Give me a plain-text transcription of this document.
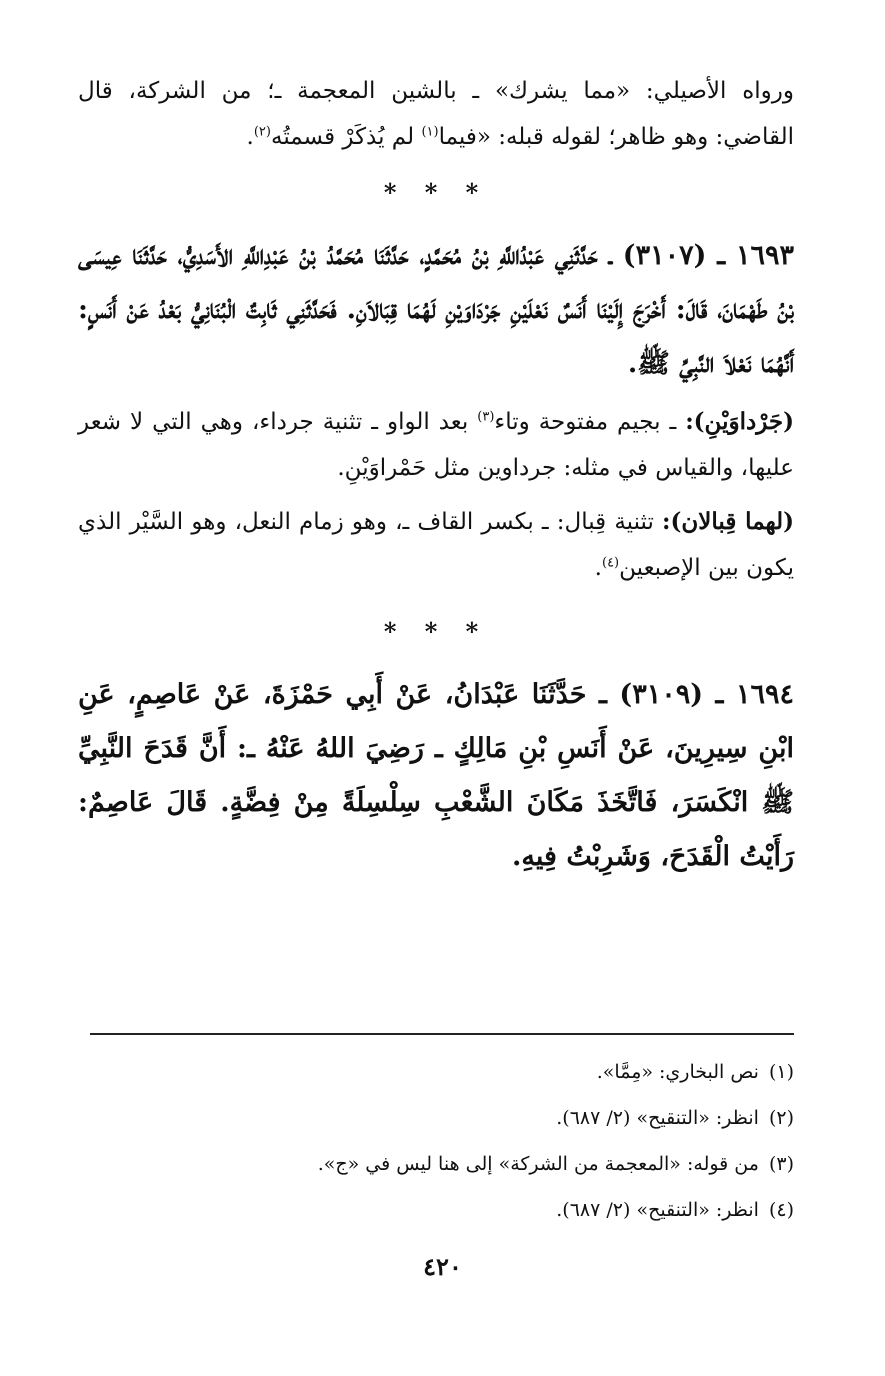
ورواه الأصيلي: «مما يشرك» ـ بالشين المعجمة ـ؛ من الشركة، قال القاضي: وهو ظاهر؛ لقوله قبله: «فيما$^{(١)}$ لم يُذكَرْ قسمتُه$^{(٢)}$.

* * *

١٦٩٣ ـ (٣١٠٧) ـ حَدَّثَنِي عَبْدُاللَّهِ بْنُ مُحَمَّدٍ، حَدَّثَنَا مُحَمَّدُ بْنُ عَبْدِاللَّهِ الأَسَدِيُّ، حَدَّثَنَا عِيسَى بْنُ طَهْمَانَ، قَالَ: أَخْرَجَ إِلَيْنَا أَنَسٌ نَعْلَيْنِ جَرْدَاوَيْنِ لَهُمَا قِبَالاَنِ. فَحَدَّثَنِي ثَابِتٌ الْبُنَانِيُّ بَعْدُ عَنْ أَنَسٍ: أَنَّهُمَا نَعْلاَ النَّبِيِّ ﷺ.

(جَرْداوَيْنِ): ـ بجيم مفتوحة وتاء$^{(٣)}$ بعد الواو ـ تثنية جرداء، وهي التي لا شعر عليها، والقياس في مثله: جرداوين مثل حَمْراوَيْنِ.

(لهما قِبالان): تثنية قِبال: ـ بكسر القاف ـ، وهو زمام النعل، وهو السَّيْر الذي يكون بين الإصبعين$^{(٤)}$.

* * *

١٦٩٤ ـ (٣١٠٩) ـ حَدَّثَنَا عَبْدَانُ، عَنْ أَبِي حَمْزَةَ، عَنْ عَاصِمٍ، عَنِ ابْنِ سِيرِينَ، عَنْ أَنَسِ بْنِ مَالِكٍ ـ رَضِيَ اللهُ عَنْهُ ـ: أَنَّ قَدَحَ النَّبِيِّ ﷺ انْكَسَرَ، فَاتَّخَذَ مَكَانَ الشَّعْبِ سِلْسِلَةً مِنْ فِضَّةٍ. قَالَ عَاصِمٌ: رَأَيْتُ الْقَدَحَ، وَشَرِبْتُ فِيهِ.

(١)نص البخاري: «مِمَّا».

(٢)انظر: «التنقيح» (٢/ ٦٨٧).

(٣)من قوله: «المعجمة من الشركة» إلى هنا ليس في «ج».

(٤)انظر: «التنقيح» (٢/ ٦٨٧).

٤٢٠
